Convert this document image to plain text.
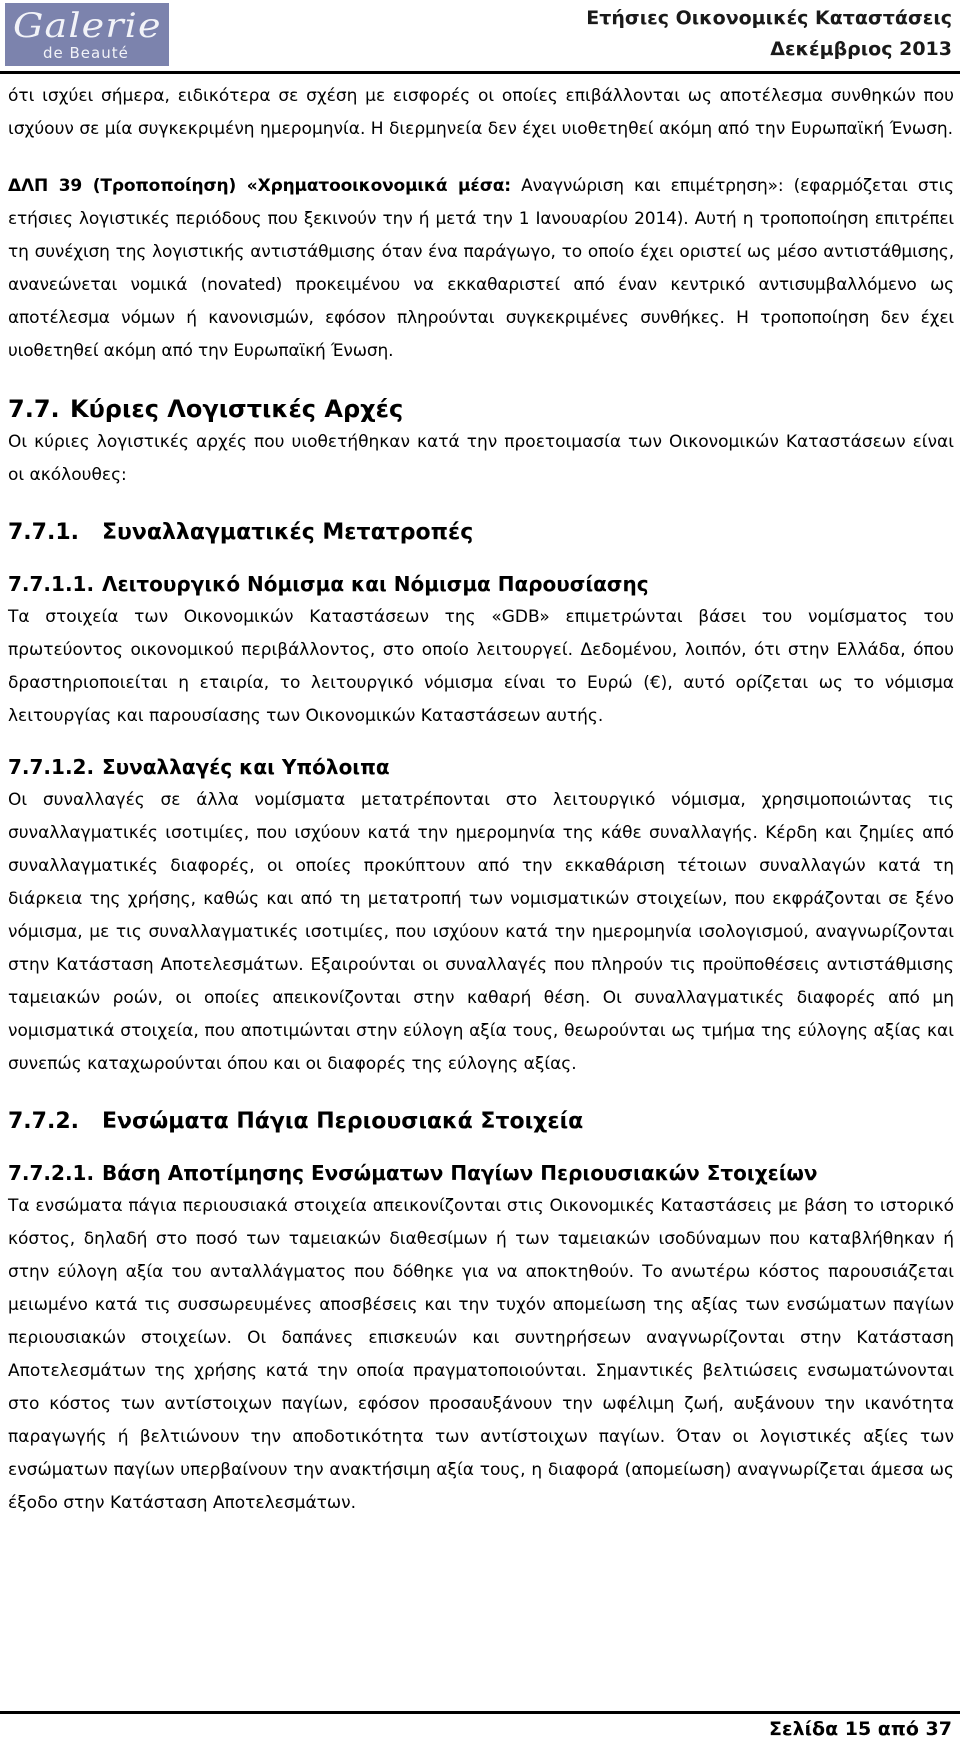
Galerie
de Beauté
Ετήσιες Οικονομικές Καταστάσεις
Δεκέμβριος 2013

ότι ισχύει σήμερα, ειδικότερα σε σχέση με εισφορές οι οποίες επιβάλλονται ως αποτέλεσμα συνθηκών που ισχύουν σε μία συγκεκριμένη ημερομηνία. Η διερμηνεία δεν έχει υιοθετηθεί ακόμη από την Ευρωπαϊκή Ένωση.

ΔΛΠ 39 (Τροποποίηση) «Χρηματοοικονομικά μέσα: Αναγνώριση και επιμέτρηση»: (εφαρμόζεται στις ετήσιες λογιστικές περιόδους που ξεκινούν την ή μετά την 1 Ιανουαρίου 2014). Αυτή η τροποποίηση επιτρέπει τη συνέχιση της λογιστικής αντιστάθμισης όταν ένα παράγωγο, το οποίο έχει οριστεί ως μέσο αντιστάθμισης, ανανεώνεται νομικά (novated) προκειμένου να εκκαθαριστεί από έναν κεντρικό αντισυμβαλλόμενο ως αποτέλεσμα νόμων ή κανονισμών, εφόσον πληρούνται συγκεκριμένες συνθήκες. Η τροποποίηση δεν έχει υιοθετηθεί ακόμη από την Ευρωπαϊκή Ένωση.

7.7. Κύριες Λογιστικές Αρχές

Οι κύριες λογιστικές αρχές που υιοθετήθηκαν κατά την προετοιμασία των Οικονομικών Καταστάσεων είναι οι ακόλουθες:

7.7.1. Συναλλαγματικές Μετατροπές
7.7.1.1. Λειτουργικό Νόμισμα και Νόμισμα Παρουσίασης

Τα στοιχεία των Οικονομικών Καταστάσεων της «GDB» επιμετρώνται βάσει του νομίσματος του πρωτεύοντος οικονομικού περιβάλλοντος, στο οποίο λειτουργεί. Δεδομένου, λοιπόν, ότι στην Ελλάδα, όπου δραστηριοποιείται η εταιρία, το λειτουργικό νόμισμα είναι το Ευρώ (€), αυτό ορίζεται ως το νόμισμα λειτουργίας και παρουσίασης των Οικονομικών Καταστάσεων αυτής.

7.7.1.2. Συναλλαγές και Υπόλοιπα

Οι συναλλαγές σε άλλα νομίσματα μετατρέπονται στο λειτουργικό νόμισμα, χρησιμοποιώντας τις συναλλαγματικές ισοτιμίες, που ισχύουν κατά την ημερομηνία της κάθε συναλλαγής. Κέρδη και ζημίες από συναλλαγματικές διαφορές, οι οποίες προκύπτουν από την εκκαθάριση τέτοιων συναλλαγών κατά τη διάρκεια της χρήσης, καθώς και από τη μετατροπή των νομισματικών στοιχείων, που εκφράζονται σε ξένο νόμισμα, με τις συναλλαγματικές ισοτιμίες, που ισχύουν κατά την ημερομηνία ισολογισμού, αναγνωρίζονται στην Κατάσταση Αποτελεσμάτων. Εξαιρούνται οι συναλλαγές που πληρούν τις προϋποθέσεις αντιστάθμισης ταμειακών ροών, οι οποίες απεικονίζονται στην καθαρή θέση. Οι συναλλαγματικές διαφορές από μη νομισματικά στοιχεία, που αποτιμώνται στην εύλογη αξία τους, θεωρούνται ως τμήμα της εύλογης αξίας και συνεπώς καταχωρούνται όπου και οι διαφορές της εύλογης αξίας.

7.7.2. Ενσώματα Πάγια Περιουσιακά Στοιχεία
7.7.2.1. Βάση Αποτίμησης Ενσώματων Παγίων Περιουσιακών Στοιχείων

Τα ενσώματα πάγια περιουσιακά στοιχεία απεικονίζονται στις Οικονομικές Καταστάσεις με βάση το ιστορικό κόστος, δηλαδή στο ποσό των ταμειακών διαθεσίμων ή των ταμειακών ισοδύναμων που καταβλήθηκαν ή στην εύλογη αξία του ανταλλάγματος που δόθηκε για να αποκτηθούν. Το ανωτέρω κόστος παρουσιάζεται μειωμένο κατά τις συσσωρευμένες αποσβέσεις και την τυχόν απομείωση της αξίας των ενσώματων παγίων περιουσιακών στοιχείων. Οι δαπάνες επισκευών και συντηρήσεων αναγνωρίζονται στην Κατάσταση Αποτελεσμάτων της χρήσης κατά την οποία πραγματοποιούνται. Σημαντικές βελτιώσεις ενσωματώνονται στο κόστος των αντίστοιχων παγίων, εφόσον προσαυξάνουν την ωφέλιμη ζωή, αυξάνουν την ικανότητα παραγωγής ή βελτιώνουν την αποδοτικότητα των αντίστοιχων παγίων. Όταν οι λογιστικές αξίες των ενσώματων παγίων υπερβαίνουν την ανακτήσιμη αξία τους, η διαφορά (απομείωση) αναγνωρίζεται άμεσα ως έξοδο στην Κατάσταση Αποτελεσμάτων.

Σελίδα 15 από 37
